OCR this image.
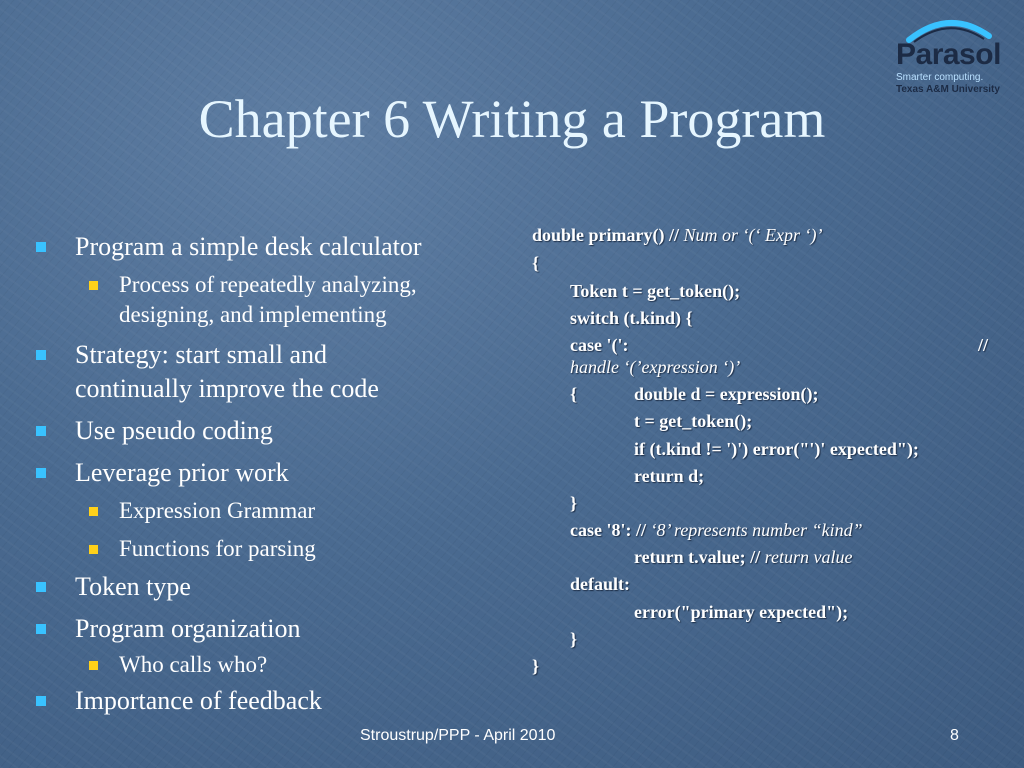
Parasol
Smarter computing.
Texas A&M University
Chapter 6 Writing a Program
Program a simple desk calculator
Process of repeatedly analyzing,
designing, and implementing
Strategy: start small and
continually improve the code
Use pseudo coding
Leverage prior work
Expression Grammar
Functions for parsing
Token type
Program organization
Who calls who?
Importance of feedback
double primary() // Num or ‘(‘ Expr ‘)’
{
Token t = get_token();
switch (t.kind) {
case '(':	//
handle ‘(’expression ‘)’
{	double d = expression();
t = get_token();
if (t.kind != ')') error("')' expected");
return d;
}
case '8': // ‘8’ represents number “kind”
return t.value; // return value
default:
error("primary expected");
}
}
Stroustrup/PPP - April 2010	8
